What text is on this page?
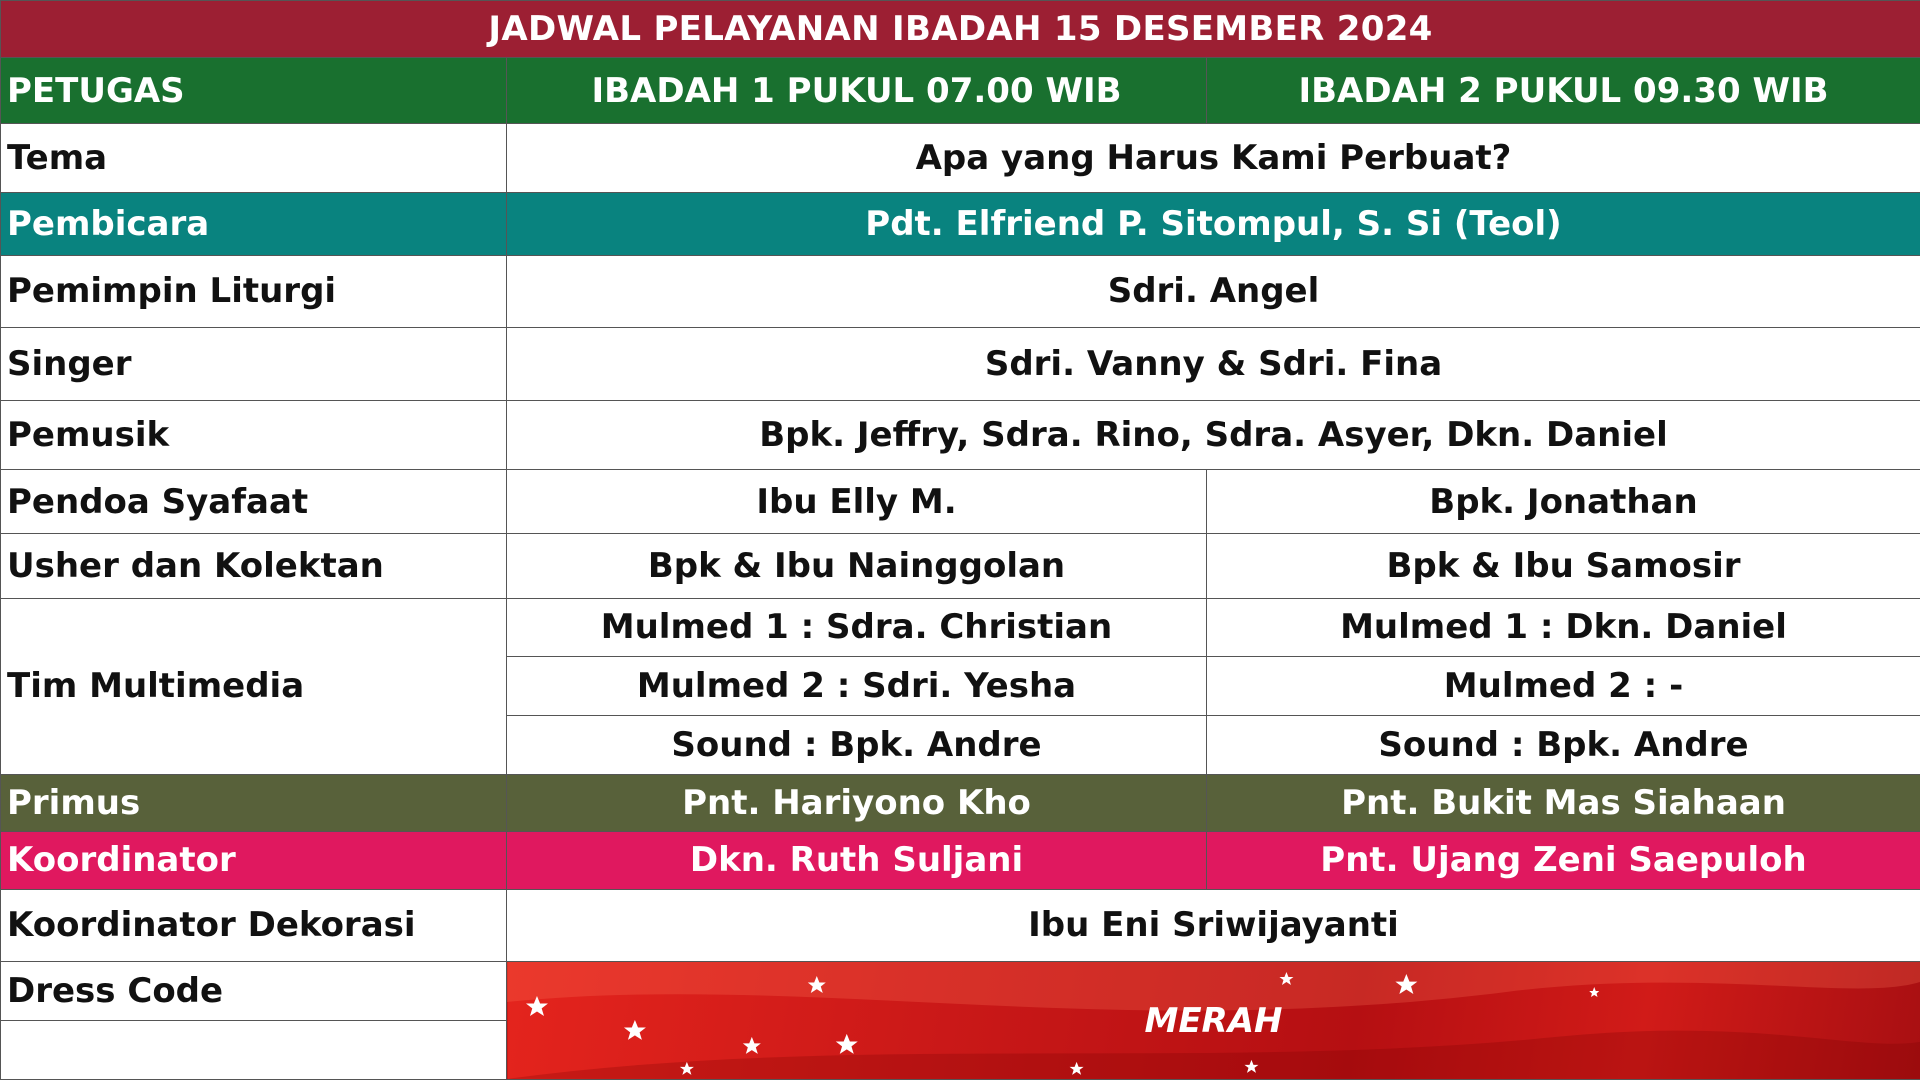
JADWAL PELAYANAN IBADAH 15 DESEMBER 2024		
PETUGAS	IBADAH 1 PUKUL 07.00 WIB	IBADAH 2 PUKUL 09.30 WIB
Tema	Apa yang Harus Kami Perbuat?	
Pembicara	Pdt. Elfriend P. Sitompul, S. Si (Teol)	
Pemimpin Liturgi	Sdri. Angel	
Singer	Sdri. Vanny & Sdri. Fina	
Pemusik	Bpk. Jeffry, Sdra. Rino, Sdra. Asyer, Dkn. Daniel	
Pendoa Syafaat	Ibu Elly M.	Bpk. Jonathan
Usher dan Kolektan	Bpk & Ibu Nainggolan	Bpk & Ibu Samosir
Tim Multimedia	Mulmed 1 : Sdra. Christian	Mulmed 1 : Dkn. Daniel
	Mulmed 2 : Sdri. Yesha	Mulmed 2 : -
	Sound : Bpk. Andre	Sound : Bpk. Andre
Primus	Pnt. Hariyono Kho	Pnt. Bukit Mas Siahaan
Koordinator	Dkn. Ruth Suljani	Pnt. Ujang Zeni Saepuloh
Koordinator Dekorasi	Ibu Eni Sriwijayanti	
Dress Code	MERAH	
